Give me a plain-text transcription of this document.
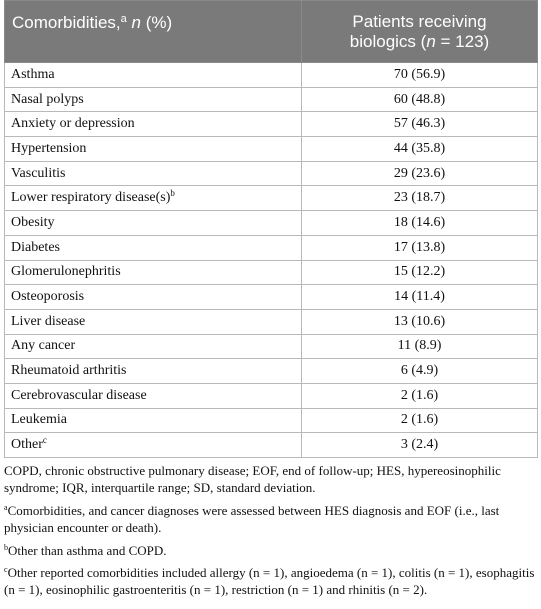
Comorbidities,$^a$ n (%)	Patients receiving
biologics (n = 123)
Asthma	70 (56.9)
Nasal polyps	60 (48.8)
Anxiety or depression	57 (46.3)
Hypertension	44 (35.8)
Vasculitis	29 (23.6)
Lower respiratory $disease(s)^b$	23 (18.7)
Obesity	18 (14.6)
Diabetes	17 (13.8)
Glomerulonephritis	15 (12.2)
Osteoporosis	14 (11.4)
Liver disease	13 (10.6)
Any cancer	11 (8.9)
Rheumatoid arthritis	6 (4.9)
Cerebrovascular disease	2 (1.6)
Leukemia	2 (1.6)
Other$^c$	3 (2.4)

COPD, chronic obstructive pulmonary disease; EOF, end of follow-up; HES, hypereosinophilic syndrome; IQR, interquartile range; SD, standard deviation.

$^a$Comorbidities, and cancer diagnoses were assessed between HES diagnosis and EOF (i.e., last physician encounter or death).

$^b$Other than asthma and COPD.

$^c$Other reported comorbidities included allergy (n = 1), angioedema (n = 1), colitis (n = 1), esophagitis (n = 1), eosinophilic gastroenteritis (n = 1), restriction (n = 1) and rhinitis (n = 2).
